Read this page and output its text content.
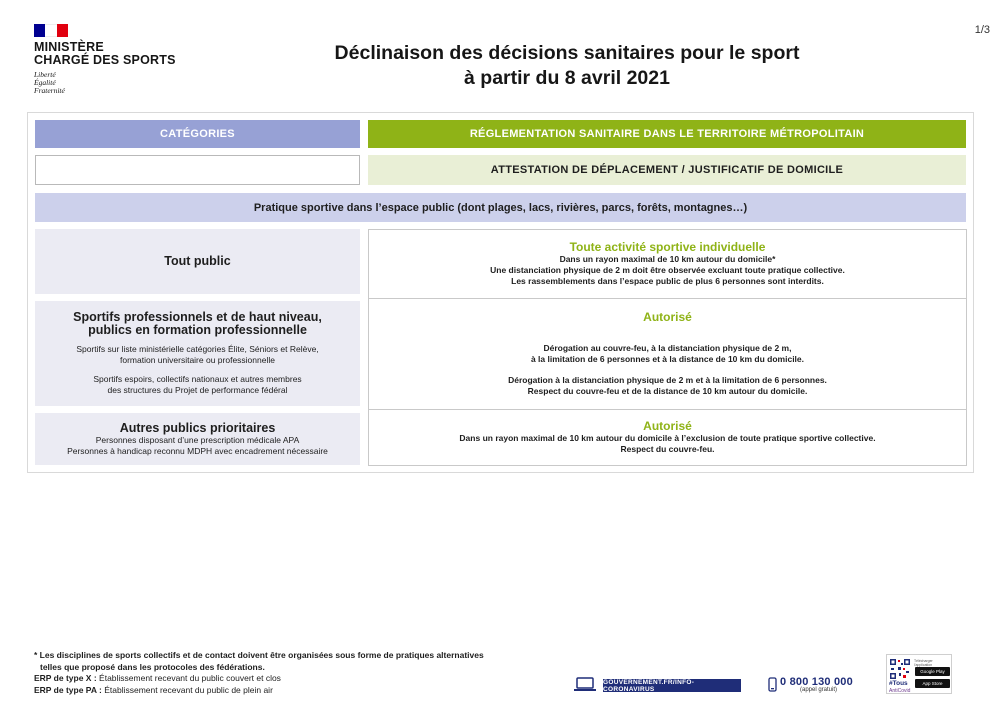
MINISTÈRE
CHARGÉ DES SPORTS
Liberté
Égalité
Fraternité
1/3
Déclinaison des décisions sanitaires pour le sport
à partir du 8 avril 2021
CATÉGORIES	RÉGLEMENTATION SANITAIRE DANS LE TERRITOIRE MÉTROPOLITAIN
ATTESTATION DE DÉPLACEMENT / JUSTIFICATIF DE DOMICILE
Pratique sportive dans l’espace public (dont plages, lacs, rivières, parcs, forêts, montagnes…)
Tout public
Toute activité sportive individuelle
Dans un rayon maximal de 10 km autour du domicile*
Une distanciation physique de 2 m doit être observée excluant toute pratique collective.
Les rassemblements dans l’espace public de plus 6 personnes sont interdits.
Sportifs professionnels et de haut niveau,
publics en formation professionnelle
Sportifs sur liste ministérielle catégories Élite, Séniors et Relève,
formation universitaire ou professionnelle
Sportifs espoirs, collectifs nationaux et autres membres
des structures du Projet de performance fédéral
Autorisé
Dérogation au couvre-feu, à la distanciation physique de 2 m,
à la limitation de 6 personnes et à la distance de 10 km du domicile.
Dérogation à la distanciation physique de 2 m et à la limitation de 6 personnes.
Respect du couvre-feu et de la distance de 10 km autour du domicile.
Autres publics prioritaires
Personnes disposant d’une prescription médicale APA
Personnes à handicap reconnu MDPH avec encadrement nécessaire
Autorisé
Dans un rayon maximal de 10 km autour du domicile à l’exclusion de toute pratique sportive collective.
Respect du couvre-feu.
* Les disciplines de sports collectifs et de contact doivent être organisées sous forme de pratiques alternatives
telles que proposé dans les protocoles des fédérations.
ERP de type X : Établissement recevant du public couvert et clos
ERP de type PA : Établissement recevant du public de plein air
GOUVERNEMENT.FR/INFO-CORONAVIRUS
0 800 130 000
(appel gratuit)
#Tous
AntiCovid
Télécharger l'application
Google Play
App Store
